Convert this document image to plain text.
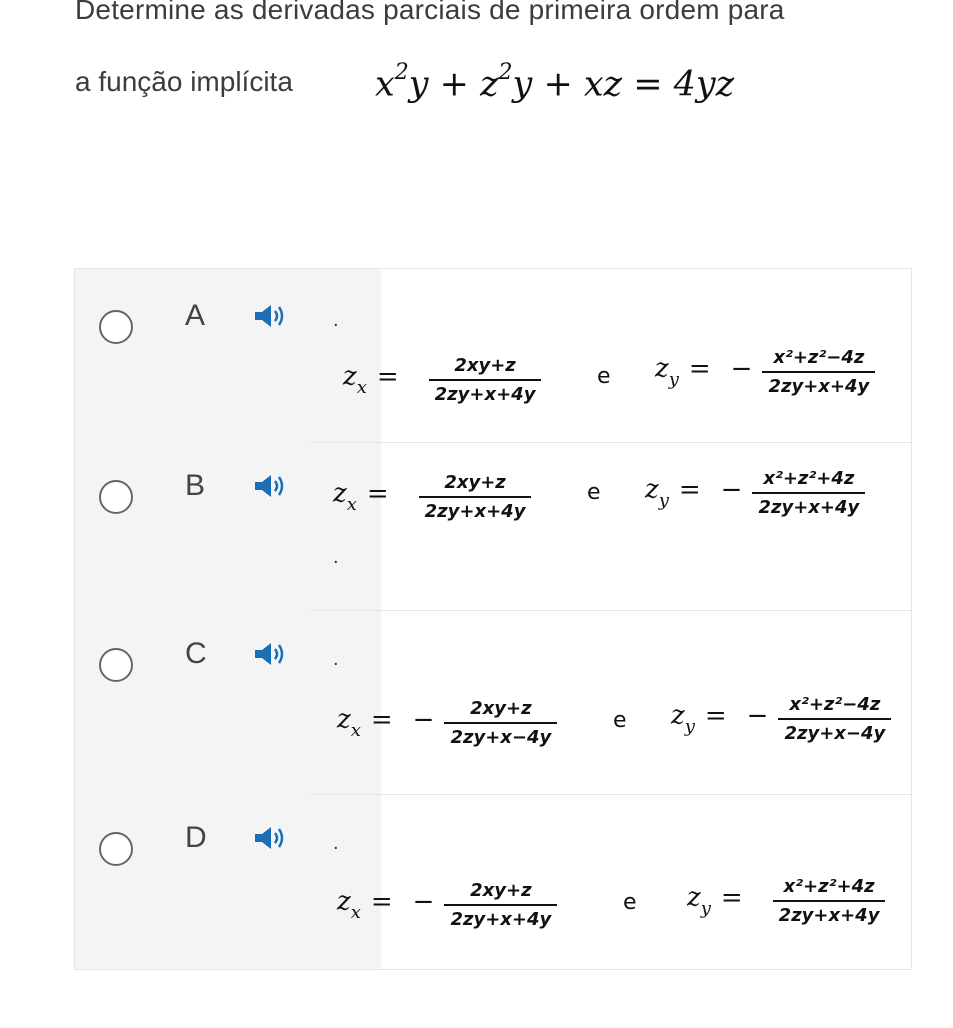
Determine as derivadas parciais de primeira ordem para
a função implícita $x^2y + z^2y$ + xz = 4yz
A	.
zx = $\frac{2xy+z}{2zy+x+4y}$	e zy = − $\frac{\text{x²+z²−4z}}{2zy+x+4y}$
B	zx = $\frac{2xy+z}{2zy+x+4y}$	e zy = − $\frac{\text{x²+z²+4z}}{2zy+x+4y}$
.
C	.
zx = − $\frac{2xy+z}{2zy+x-4y}$	e zy = − $\frac{\text{x²+z²−4z}}{2zy+x-4y}$
D	.
zx = − $\frac{2xy+z}{2zy+x+4y}$	e zy = $\frac{\text{x²+z²+4z}}{2zy+x+4y}$
